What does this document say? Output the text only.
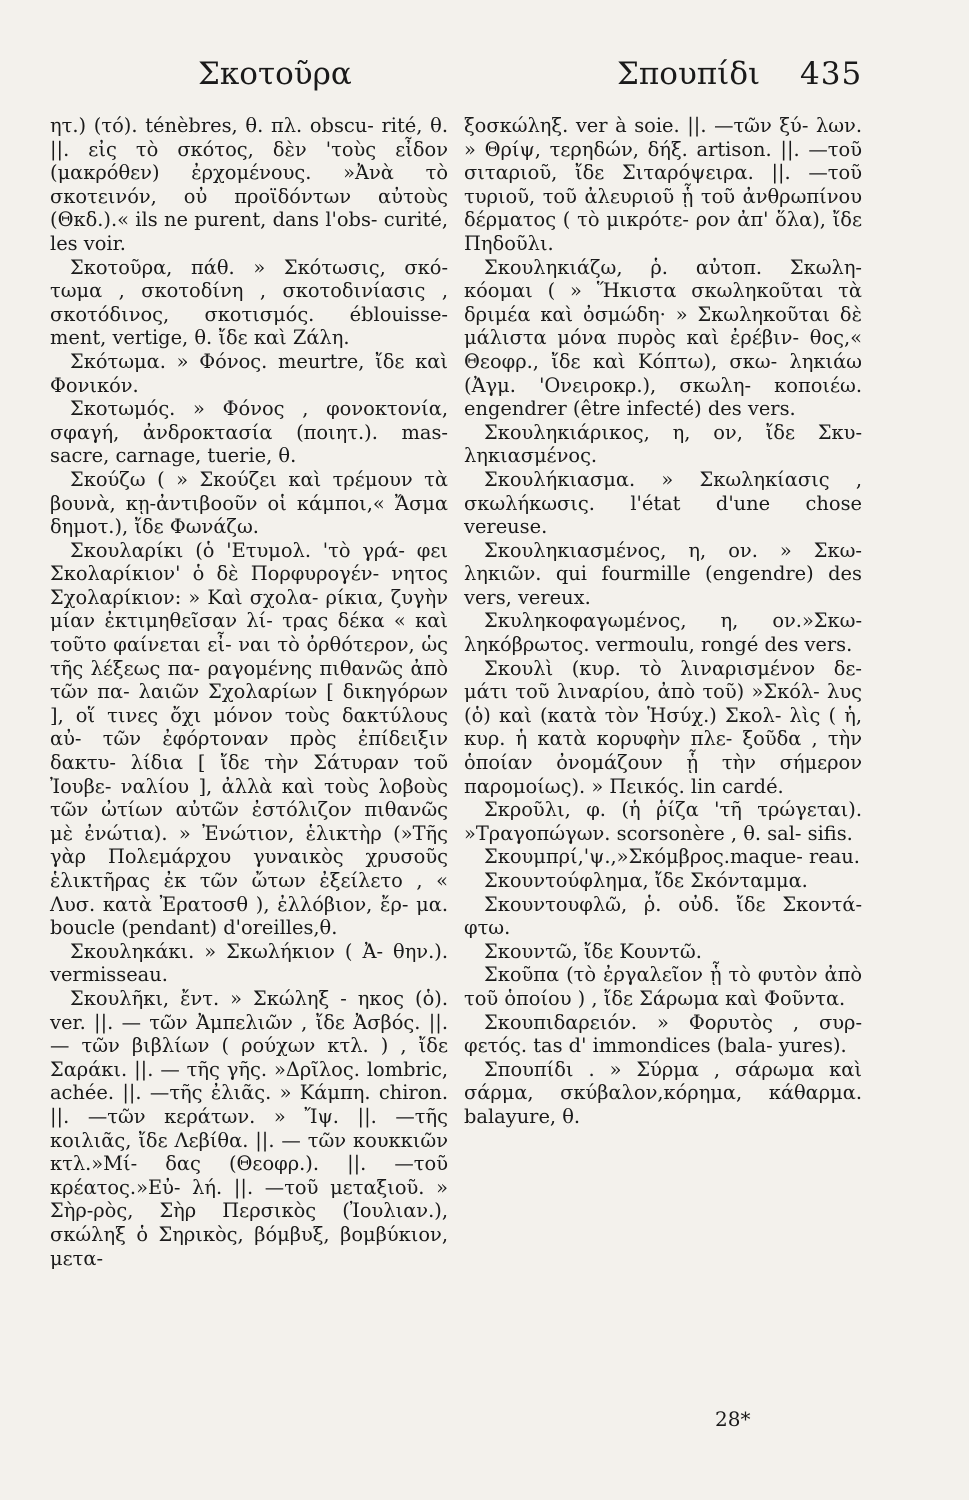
Σκοτοῦρα	Σπουπίδι 435

ητ.) (τό). ténèbres, θ. πλ. obscu- rité, θ. ||. εἰς τὸ σκότος, δὲν 'τοὺς εἶδον (μακρόθεν) ἐρχομένους. »Ἀνὰ τὸ σκοτεινόν, οὐ προϊδόντων αὐτοὺς (Θκδ.).« ils ne purent, dans l'obs- curité, les voir.

Σκοτοῦρα, πάθ. » Σκότωσις, σκό- τωμα , σκοτοδίνη , σκοτοδινίασις , σκοτόδινος, σκοτισμός. éblouisse- ment, vertige, θ. ἴδε καὶ Ζάλη.

Σκότωμα. » Φόνος. meurtre, ἴδε καὶ Φονικόν.

Σκοτωμός. » Φόνος , φονοκτονία, σφαγή, ἀνδροκτασία (ποιητ.). mas- sacre, carnage, tuerie, θ.

Σκούζω ( » Σκούζει καὶ τρέμουν τὰ βουνὰ, κῃ-ἀντιβοοῦν οἱ κάμποι,« Ἄσμα δημοτ.), ἴδε Φωνάζω.

Σκουλαρίκι (ὁ 'Ετυμολ. 'τὸ γρά- φει Σκολαρίκιον' ὁ δὲ Πορφυρογέν- νητος Σχολαρίκιον: » Καὶ σχολα- ρίκια, ζυγὴν μίαν ἐκτιμηθεῖσαν λί- τρας δέκα « καὶ τοῦτο φαίνεται εἶ- ναι τὸ ὀρθότερον, ὡς τῆς λέξεως πα- ραγομένης πιθανῶς ἀπὸ τῶν πα- λαιῶν Σχολαρίων [ δικηγόρων ], οἵ τινες ὄχι μόνον τοὺς δακτύλους αὐ- τῶν ἐφόρτοναν πρὸς ἐπίδειξιν δακτυ- λίδια [ ἴδε τὴν Σάτυραν τοῦ Ἰουβε- ναλίου ], ἀλλὰ καὶ τοὺς λοβοὺς τῶν ὠτίων αὐτῶν ἐστόλιζον πιθανῶς μὲ ἐνώτια). » Ἐνώτιον, ἑλικτὴρ (»Τῆς γὰρ Πολεμάρχου γυναικὸς χρυσοῦς ἑλικτῆρας ἐκ τῶν ὤτων ἐξείλετο , « Λυσ. κατὰ Ἐρατοσθ ), ἐλλόβιον, ἔρ- μα. boucle (pendant) d'oreilles,θ.

Σκουληκάκι. » Σκωλήκιον ( Ἀ- θην.). vermisseau.

Σκουλῆκι, ἔντ. » Σκώληξ - ηκος (ὁ). ver. ||. — τῶν Ἀμπελιῶν , ἴδε Ἀσβός. ||. — τῶν βιβλίων ( ρούχων κτλ. ) , ἴδε Σαράκι. ||. — τῆς γῆς. »Δρῖλος. lombric, achée. ||. —τῆς ἐλιᾶς. » Κάμπη. chiron. ||. —τῶν κεράτων. » Ἴψ. ||. —τῆς κοιλιᾶς, ἴδε Λεβίθα. ||. — τῶν κουκκιῶν κτλ.»Μί- δας (Θεοφρ.). ||. —τοῦ κρέατος.»Εὐ- λή. ||. —τοῦ μεταξιοῦ. » Σὴρ-ρὸς, Σὴρ Περσικὸς (Ἰουλιαν.), σκώληξ ὁ Σηρικὸς, βόμβυξ, βομβύκιον, μετα-

ξοσκώληξ. ver à soie. ||. —τῶν ξύ- λων. » Θρίψ, τερηδών, δήξ. artison. ||. —τοῦ σιταριοῦ, ἴδε Σιταρόψειρα. ||. —τοῦ τυριοῦ, τοῦ ἀλευριοῦ ᾗ τοῦ ἀνθρωπίνου δέρματος ( τὸ μικρότε- ρον ἀπ' ὅλα), ἴδε Πηδοῦλι.

Σκουληκιάζω, ῥ. αὐτοπ. Σκωλη- κόομαι ( » Ἥκιστα σκωληκοῦται τὰ δριμέα καὶ ὀσμώδη· » Σκωληκοῦται δὲ μάλιστα μόνα πυρὸς καὶ ἐρέβιν- θος,« Θεοφρ., ἴδε καὶ Κόπτω), σκω- ληκιάω (Ἀγμ. 'Ονειροκρ.), σκωλη- κοποιέω. engendrer (être infecté) des vers.

Σκουληκιάρικος, η, ον, ἴδε Σκυ- ληκιασμένος.

Σκουλήκιασμα. » Σκωληκίασις , σκωλήκωσις. l'état d'une chose vereuse.

Σκουληκιασμένος, η, ον. » Σκω- ληκιῶν. qui fourmille (engendre) des vers, vereux.

Σκυληκοφαγωμένος, η, ον.»Σκω- ληκόβρωτος. vermoulu, rongé des vers.

Σκουλὶ (κυρ. τὸ λιναρισμένον δε- μάτι τοῦ λιναρίου, ἀπὸ τοῦ) »Σκόλ- λυς (ὁ) καὶ (κατὰ τὸν Ἡσύχ.) Σκολ- λὶς ( ἡ, κυρ. ἡ κατὰ κορυφὴν πλε- ξοῦδα , τὴν ὁποίαν ὀνομάζουν ᾗ τὴν σήμερον παρομοίως). » Πεικός. lin cardé.

Σκροῦλι, φ. (ἡ ῥίζα 'τῆ τρώγεται). »Τραγοπώγων. scorsonère , θ. sal- sifis.

Σκουμπρί,'ψ.,»Σκόμβρος.maque- reau.

Σκουντούφλημα, ἴδε Σκόνταμμα.

Σκουντουφλῶ, ῥ. οὐδ. ἴδε Σκοντά- φτω.

Σκουντῶ, ἴδε Κουντῶ.

Σκοῦπα (τὸ ἐργαλεῖον ᾗ τὸ φυτὸν ἀπὸ τοῦ ὁποίου ) , ἴδε Σάρωμα καὶ Φοῦντα.

Σκουπιδαρειόν. » Φορυτὸς , συρ- φετός. tas d' immondices (bala- yures).

Σπουπίδι . » Σύρμα , σάρωμα καὶ σάρμα, σκύβαλον,κόρημα, κάθαρμα. balayure, θ.

28*
